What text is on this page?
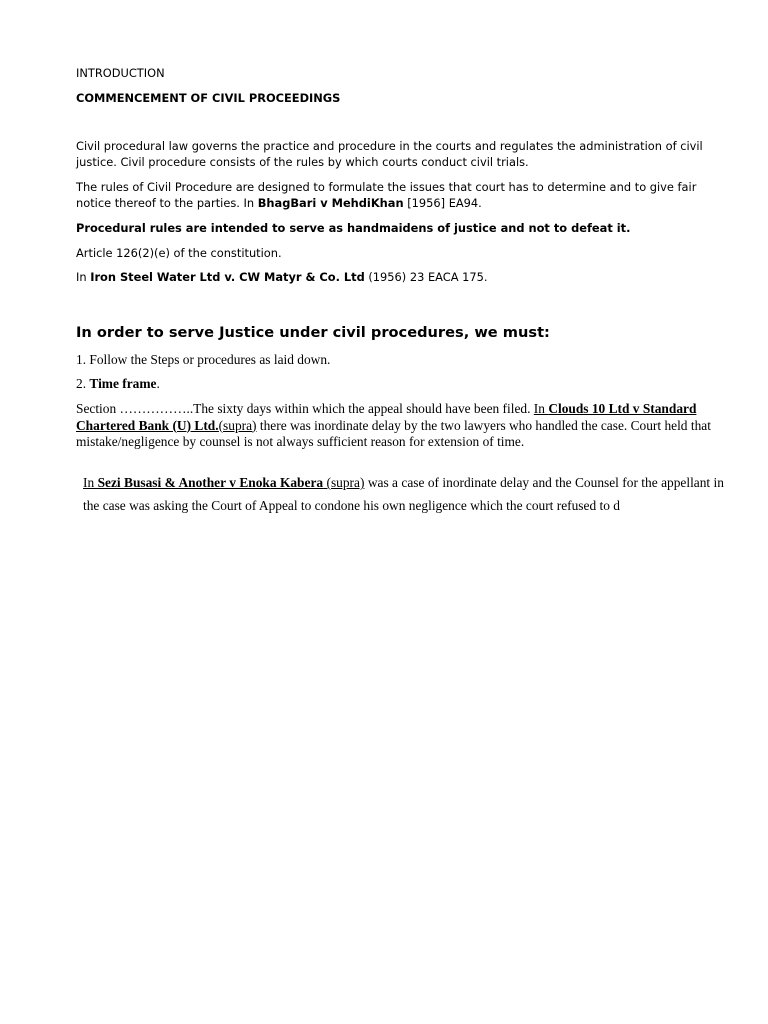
INTRODUCTION

COMMENCEMENT OF CIVIL PROCEEDINGS

Civil procedural law governs the practice and procedure in the courts and regulates the administration of civil justice. Civil procedure consists of the rules by which courts conduct civil trials.

The rules of Civil Procedure are designed to formulate the issues that court has to determine and to give fair notice thereof to the parties. In BhagBari v MehdiKhan [1956] EA94.

Procedural rules are intended to serve as handmaidens of justice and not to defeat it.

Article 126(2)(e) of the constitution.

In Iron Steel Water Ltd v. CW Matyr & Co. Ltd (1956) 23 EACA 175.

In order to serve Justice under civil procedures, we must:

1. Follow the Steps or procedures as laid down.

2. Time frame.

Section ……………..The sixty days within which the appeal should have been filed. In Clouds 10 Ltd v Standard Chartered Bank (U) Ltd.(supra) there was inordinate delay by the two lawyers who handled the case. Court held that mistake/negligence by counsel is not always sufficient reason for extension of time.

In Sezi Busasi & Another v Enoka Kabera (supra) was a case of inordinate delay and the Counsel for the appellant in the case was asking the Court of Appeal to condone his own negligence which the court refused to d
